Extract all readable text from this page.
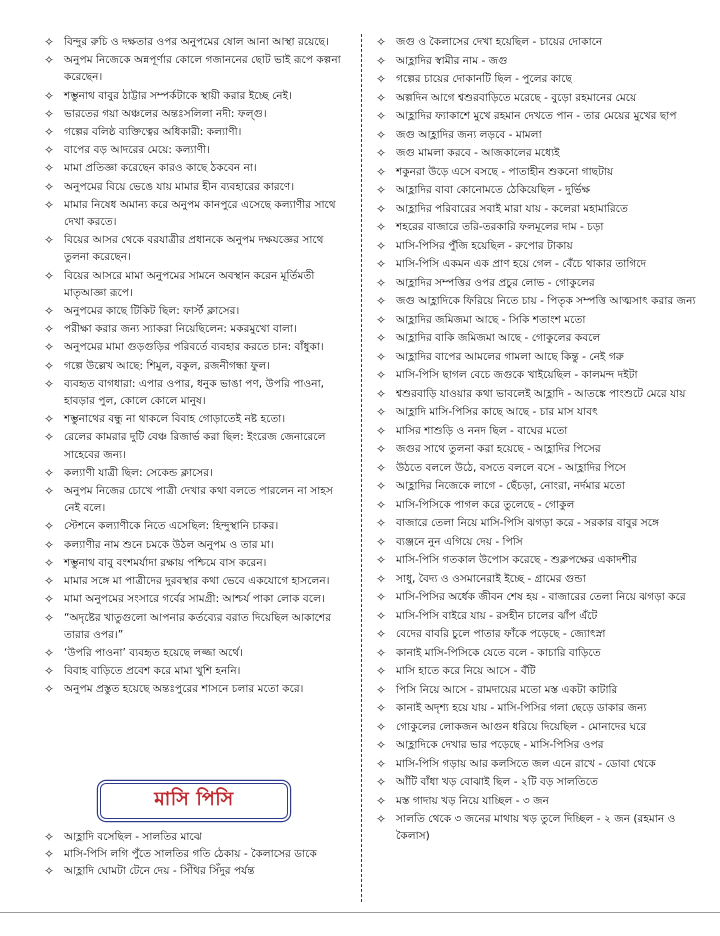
✧ বিন্দুর রুচি ও দক্ষতার ওপর অনুপমের ষোল আনা আস্থা রয়েছে।
✧ অনুপম নিজেকে অন্নপূর্ণার কোলে গজাননের ছোট ভাই রূপে কল্পনা করেছেন।
✧ শম্ভুনাথ বাবুর ঠাট্টার সম্পর্কটাকে স্থায়ী করার ইচ্ছে নেই।
✧ ভারতের গয়া অঞ্চলের অন্তঃসলিলা নদী: ফল্গু।
✧ গল্পের বলিষ্ঠ ব্যক্তিত্বের অধিকারী: কল্যাণী।
✧ বাপের বড় আদরের মেয়ে: কল্যাণী।
✧ মামা প্রতিজ্ঞা করেছেন কারও কাছে ঠকবেন না।
✧ অনুপমের বিয়ে ভেঙে যায় মামার হীন ব্যবহারের কারণে।
✧ মামার নিষেধ অমান্য করে অনুপম কানপুরে এসেছে কল্যাণীর সাথে দেখা করতে।
✧ বিয়ের আসর থেকে বরযাত্রীর প্রধানকে অনুপম দক্ষযজ্ঞের সাথে তুলনা করেছেন।
✧ বিয়ের আসরে মামা অনুপমের সামনে অবস্থান করেন মূর্তিমতী মাতৃআজ্ঞা রূপে।
✧ অনুপমের কাছে টিকিট ছিল: ফার্স্ট ক্লাসের।
✧ পরীক্ষা করার জন্য স্যাকরা নিয়েছিলেন: মকরমুখো বালা।
✧ অনুপমের মামা গুড়গুড়ির পরিবর্তে ব্যবহার করতে চান: বাঁধুকা।
✧ গল্পে উল্লেখ আছে: শিমুল, বকুল, রজনীগন্ধা ফুল।
✧ ব্যবহৃত বাগধারা: এপার ওপার, ধনুক ভাঙা পণ, উপরি পাওনা, হাবড়ার পুল, কোলে কোলে মানুষ।
✧ শম্ভুনাথের বন্ধু না থাকলে বিবাহ গোড়াতেই নষ্ট হতো।
✧ রেলের কামরার দুটি বেঞ্চ রিজার্ভ করা ছিল: ইংরেজ জেনারেলে সাহেবের জন্য।
✧ কল্যাণী যাত্রী ছিল: সেকেন্ড ক্লাসের।
✧ অনুপম নিজের চোখে পাত্রী দেখার কথা বলতে পারলেন না সাহস নেই বলে।
✧ স্টেশনে কল্যাণীকে নিতে এসেছিল: হিন্দুস্থানি চাকর।
✧ কল্যাণীর নাম শুনে চমকে উঠল অনুপম ও তার মা।
✧ শম্ভুনাথ বাবু বংশমর্যাদা রক্ষায় পশ্চিমে বাস করেন।
✧ মামার সঙ্গে মা পাত্রীদের দুরবস্থার কথা ভেবে একযোগে হাসলেন।
✧ মামা অনুপমের সংসারে গর্বের সামগ্রী: আশ্চর্য পাকা লোক বলে।
✧ “অদৃষ্টের খাতুগুলো আপনার কর্তব্যের বরাত দিয়েছিল আকাশের তারার ওপর।”
✧ ‘উপরি পাওনা’ ব্যবহৃত হয়েছে লজ্জা অর্থে।
✧ বিবাহ বাড়িতে প্রবেশ করে মামা খুশি হননি।
✧ অনুপম প্রস্তুত হয়েছে অন্তঃপুরের শাসনে চলার মতো করে।
✧ জগু ও কৈলাসের দেখা হয়েছিল - চায়ের দোকানে
✧ আহ্লাদির স্বামীর নাম - জগু
✧ গল্পের চায়ের দোকানটি ছিল - পুলের কাছে
✧ অল্পদিন আগে শ্বশুরবাড়িতে মরেছে - বুড়ো রহমানের মেয়ে
✧ আহ্লাদির ফ্যাকাশে মুখে রহমান দেখতে পান - তার মেয়ের মুখের ছাপ
✧ জগু আহ্লাদির জন্য লড়বে - মামলা
✧ জগু মামলা করবে - আজকালের মধ্যেই
✧ শকুনরা উড়ে এসে বসছে - পাতাহীন শুকনো গাছটায়
✧ আহ্লাদির বাবা কোনোমতে ঠেকিয়েছিল - দুর্ভিক্ষ
✧ আহ্লাদির পরিবারের সবাই মারা যায় - কলেরা মহামারিতে
✧ শহরের বাজারে তরি-তরকারি ফলমূলের দাম - চড়া
✧ মাসি-পিসির পুঁজি হয়েছিল - রুপোর টাকায়
✧ মাসি-পিসি একমন এক প্রাণ হয়ে গেল - বেঁচে থাকার তাগিদে
✧ আহ্লাদির সম্পত্তির ওপর প্রচুর লোভ - গোকুলের
✧ জগু আহ্লাদিকে ফিরিয়ে নিতে চায় - পিতৃক সম্পত্তি আত্মসাৎ করার জন্য
✧ আহ্লাদির জমিজমা আছে - সিকি শতাংশ মতো
✧ আহ্লাদির বাকি জমিজমা আছে - গোকুলের কবলে
✧ আহ্লাদির বাপের আমলের গামলা আছে কিন্তু - নেই গরু
✧ মাসি-পিসি ছাগল বেচে জগুকে খাইয়েছিল - কালমন্দ দইটা
✧ শ্বশুরবাড়ি যাওয়ার কথা ভাবলেই আহ্লাদি - আতঙ্কে পাংশুটে মেরে যায়
✧ আহ্লাদি মাসি-পিসির কাছে আছে - চার মাস যাবৎ
✧ মাসির শাশুড়ি ও ননদ ছিল - বাঘের মতো
✧ জগুর সাথে তুলনা করা হয়েছে - আহ্লাদির পিসের
✧ উঠতে বললে উঠে, বসতে বললে বসে - আহ্লাদির পিসে
✧ আহ্লাদির নিজেকে লাগে - ছেঁচড়া, নোংরা, নর্দমার মতো
✧ মাসি-পিসিকে পাগল করে তুলেছে - গোকুল
✧ বাজারে তেলা নিয়ে মাসি-পিসি ঝগড়া করে - সরকার বাবুর সঙ্গে
✧ ব্যঞ্জনে নুন এগিয়ে দেয় - পিসি
✧ মাসি-পিসি গতকাল উপোস করেছে - শুক্লপক্ষের একাদশীর
✧ সাধু, বৈদ্য ও ওসমানেরাই ইচ্ছে - গ্রামের গুন্ডা
✧ মাসি-পিসির অর্ধেক জীবন শেষ হয় - বাজারের তেলা নিয়ে ঝগড়া করে
✧ মাসি-পিসি বাইরে যায় - রসহীন চালের ঝাঁপ এঁটে
✧ বেদের বাবরি চুলে পাতার ফাঁকে পড়েছে - জ্যোৎস্না
✧ কানাই মাসি-পিসিকে যেতে বলে - কাচারি বাড়িতে
✧ মাসি হাতে করে নিয়ে আসে - বঁটি
✧ পিসি নিয়ে আসে - রামদায়ের মতো মস্ত একটা কাটারি
✧ কানাই অদৃশ্য হয়ে যায় - মাসি-পিসির গলা ছেড়ে ডাকার জন্য
✧ গোকুলের লোকজন আগুন ধরিয়ে দিয়েছিল - মোনাদের ঘরে
✧ আহ্লাদিকে দেখার ভার পড়েছে - মাসি-পিসির ওপর
✧ মাসি-পিসি গড়ায় আর কলসিতে জল এনে রাখে - ডোবা থেকে
✧ আঁটি বাঁধা খড় বোঝাই ছিল - ২টি বড় সালতিতে
✧ মস্ত গাদায় খড় নিয়ে যাচ্ছিল - ৩ জন
✧ সালতি থেকে ৩ জনের মাথায় খড় তুলে দিচ্ছিল - ২ জন (রহমান ও কৈলাস)
মাসি পিসি
✧ আহ্লাদি বসেছিল - সালতির মাঝে
✧ মাসি-পিসি লগি পুঁতে সালতির গতি ঠেকায় - কৈলাসের ডাকে
✧ আহ্লাদি ঘোমটা টেনে দেয় - সিঁথির সিঁদুর পর্যন্ত
